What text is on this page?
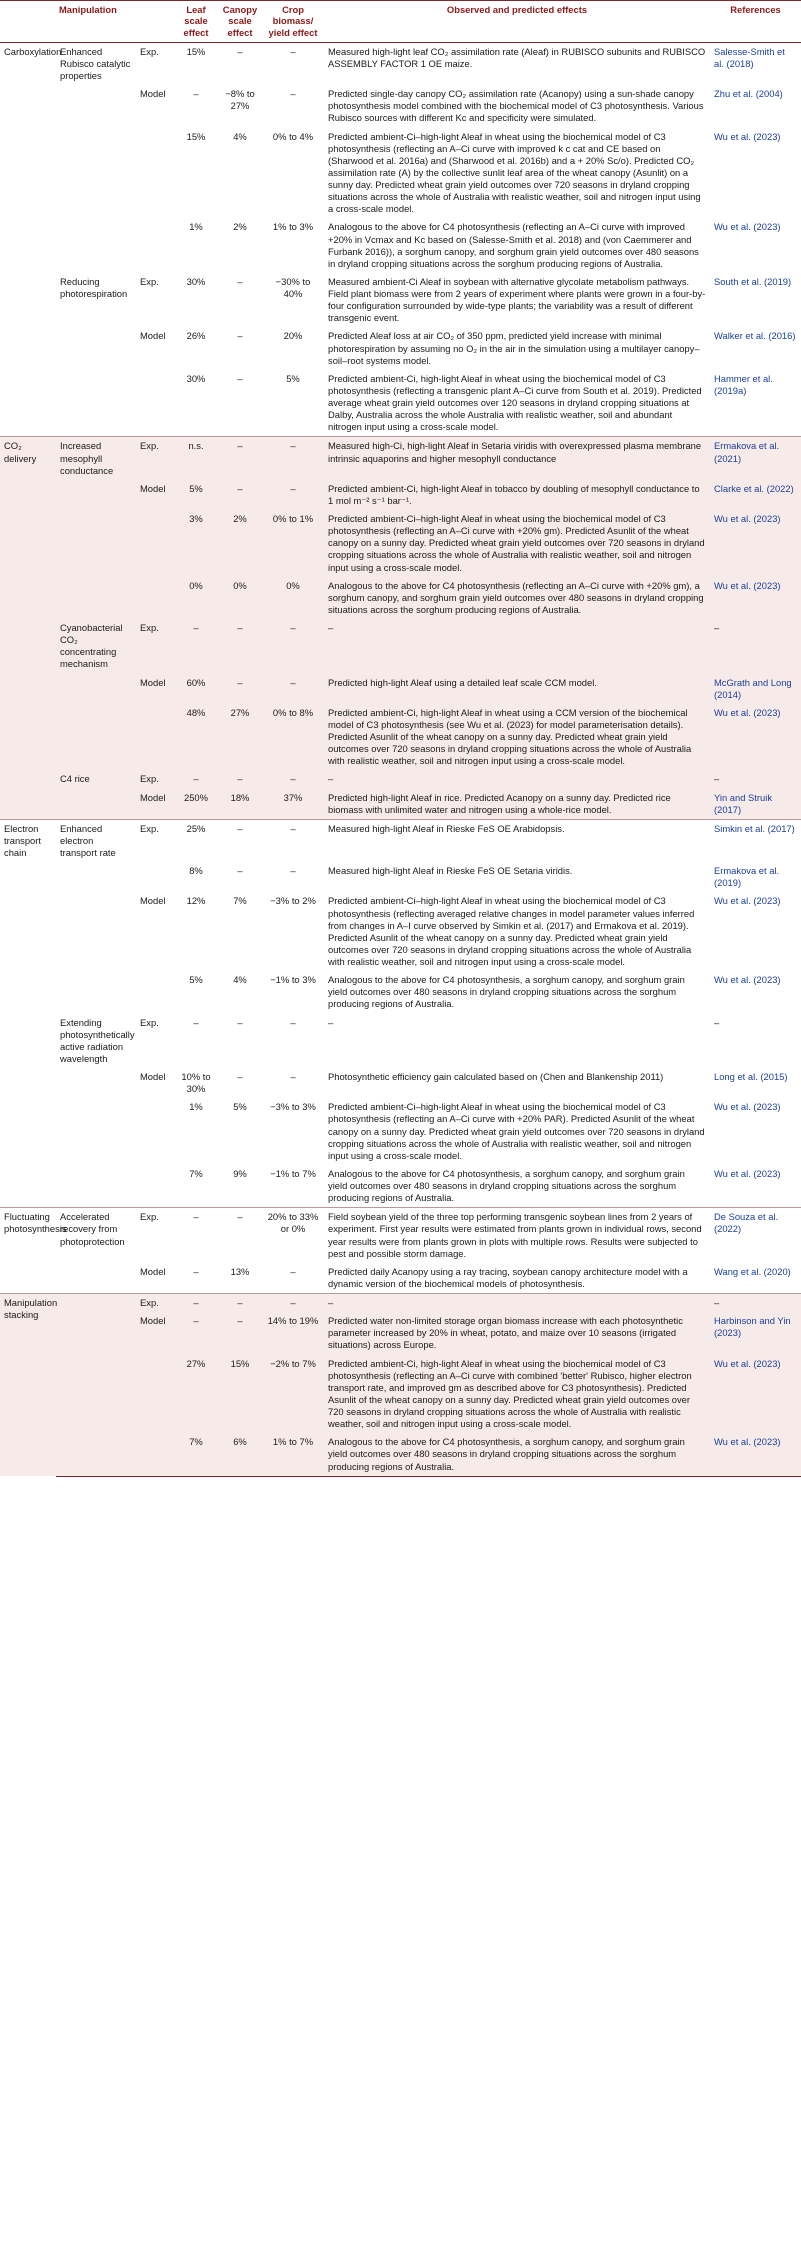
	Manipulation		Leaf scale effect	Canopy scale effect	Crop biomass/ yield effect	Observed and predicted effects	References
Carboxylation	Enhanced Rubisco catalytic properties	Exp.	15%	–	–	Measured high-light leaf CO₂ assimilation rate (Aleaf) in RUBISCO subunits and RUBISCO ASSEMBLY FACTOR 1 OE maize.	Salesse-Smith et al. (2018)
		Model	–	−8% to 27%	–	Predicted single-day canopy CO₂ assimilation rate (Acanopy) using a sun-shade canopy photosynthesis model combined with the biochemical model of C3 photosynthesis. Various Rubisco sources with different Kc and specificity were simulated.	Zhu et al. (2004)
			15%	4%	0% to 4%	Predicted ambient-Ci–high-light Aleaf in wheat using the biochemical model of C3 photosynthesis (reflecting an A–Ci curve with improved k c cat and CE based on (Sharwood et al. 2016a) and (Sharwood et al. 2016b) and a + 20% Sc/o). Predicted CO₂ assimilation rate (A) by the collective sunlit leaf area of the wheat canopy (Asunlit) on a sunny day. Predicted wheat grain yield outcomes over 720 seasons in dryland cropping situations across the whole of Australia with realistic weather, soil and nitrogen input using a cross-scale model.	Wu et al. (2023)
			1%	2%	1% to 3%	Analogous to the above for C4 photosynthesis (reflecting an A–Ci curve with improved +20% in Vcmax and Kc based on (Salesse-Smith et al. 2018) and (von Caemmerer and Furbank 2016)), a sorghum canopy, and sorghum grain yield outcomes over 480 seasons in dryland cropping situations across the sorghum producing regions of Australia.	Wu et al. (2023)
	Reducing photorespiration	Exp.	30%	–	−30% to 40%	Measured ambient-Ci Aleaf in soybean with alternative glycolate metabolism pathways. Field plant biomass were from 2 years of experiment where plants were grown in a four-by-four configuration surrounded by wide-type plants; the variability was a result of different transgenic event.	South et al. (2019)
		Model	26%	–	20%	Predicted Aleaf loss at air CO₂ of 350 ppm, predicted yield increase with minimal photorespiration by assuming no O₂ in the air in the simulation using a multilayer canopy–soil–root systems model.	Walker et al. (2016)
			30%	–	5%	Predicted ambient-Ci, high-light Aleaf in wheat using the biochemical model of C3 photosynthesis (reflecting a transgenic plant A–Ci curve from South et al. 2019). Predicted average wheat grain yield outcomes over 120 seasons in dryland cropping situations at Dalby, Australia across the whole Australia with realistic weather, soil and abundant nitrogen input using a cross-scale model.	Hammer et al. (2019a)
CO₂ delivery	Increased mesophyll conductance	Exp.	n.s.	–	–	Measured high-Ci, high-light Aleaf in Setaria viridis with overexpressed plasma membrane intrinsic aquaporins and higher mesophyll conductance	Ermakova et al. (2021)
		Model	5%	–	–	Predicted ambient-Ci, high-light Aleaf in tobacco by doubling of mesophyll conductance to 1 mol m⁻² s⁻¹ bar⁻¹.	Clarke et al. (2022)
			3%	2%	0% to 1%	Predicted ambient-Ci–high-light Aleaf in wheat using the biochemical model of C3 photosynthesis (reflecting an A–Ci curve with +20% gm). Predicted Asunlit of the wheat canopy on a sunny day. Predicted wheat grain yield outcomes over 720 seasons in dryland cropping situations across the whole of Australia with realistic weather, soil and nitrogen input using a cross-scale model.	Wu et al. (2023)
			0%	0%	0%	Analogous to the above for C4 photosynthesis (reflecting an A–Ci curve with +20% gm), a sorghum canopy, and sorghum grain yield outcomes over 480 seasons in dryland cropping situations across the sorghum producing regions of Australia.	Wu et al. (2023)
	Cyanobacterial CO₂ concentrating mechanism	Exp.	–	–	–	–	–
		Model	60%	–	–	Predicted high-light Aleaf using a detailed leaf scale CCM model.	McGrath and Long (2014)
			48%	27%	0% to 8%	Predicted ambient-Ci, high-light Aleaf in wheat using a CCM version of the biochemical model of C3 photosynthesis (see Wu et al. (2023) for model parameterisation details). Predicted Asunlit of the wheat canopy on a sunny day. Predicted wheat grain yield outcomes over 720 seasons in dryland cropping situations across the whole of Australia with realistic weather, soil and nitrogen input using a cross-scale model.	Wu et al. (2023)
	C4 rice	Exp.	–	–	–	–	–
		Model	250%	18%	37%	Predicted high-light Aleaf in rice. Predicted Acanopy on a sunny day. Predicted rice biomass with unlimited water and nitrogen using a whole-rice model.	Yin and Struik (2017)
Electron transport chain	Enhanced electron transport rate	Exp.	25%	–	–	Measured high-light Aleaf in Rieske FeS OE Arabidopsis.	Simkin et al. (2017)
			8%	–	–	Measured high-light Aleaf in Rieske FeS OE Setaria viridis.	Ermakova et al. (2019)
		Model	12%	7%	−3% to 2%	Predicted ambient-Ci–high-light Aleaf in wheat using the biochemical model of C3 photosynthesis (reflecting averaged relative changes in model parameter values inferred from changes in A–I curve observed by Simkin et al. (2017) and Ermakova et al. 2019). Predicted Asunlit of the wheat canopy on a sunny day. Predicted wheat grain yield outcomes over 720 seasons in dryland cropping situations across the whole of Australia with realistic weather, soil and nitrogen input using a cross-scale model.	Wu et al. (2023)
			5%	4%	−1% to 3%	Analogous to the above for C4 photosynthesis, a sorghum canopy, and sorghum grain yield outcomes over 480 seasons in dryland cropping situations across the sorghum producing regions of Australia.	Wu et al. (2023)
	Extending photosynthetically active radiation wavelength	Exp.	–	–	–	–	–
		Model	10% to 30%	–	–	Photosynthetic efficiency gain calculated based on (Chen and Blankenship 2011)	Long et al. (2015)
			1%	5%	−3% to 3%	Predicted ambient-Ci–high-light Aleaf in wheat using the biochemical model of C3 photosynthesis (reflecting an A–Ci curve with +20% PAR). Predicted Asunlit of the wheat canopy on a sunny day. Predicted wheat grain yield outcomes over 720 seasons in dryland cropping situations across the whole of Australia with realistic weather, soil and nitrogen input using a cross-scale model.	Wu et al. (2023)
			7%	9%	−1% to 7%	Analogous to the above for C4 photosynthesis, a sorghum canopy, and sorghum grain yield outcomes over 480 seasons in dryland cropping situations across the sorghum producing regions of Australia.	Wu et al. (2023)
Fluctuating photosynthesis	Accelerated recovery from photoprotection	Exp.	–	–	20% to 33% or 0%	Field soybean yield of the three top performing transgenic soybean lines from 2 years of experiment. First year results were estimated from plants grown in individual rows, second year results were from plants grown in plots with multiple rows. Results were subjected to pest and possible storm damage.	De Souza et al. (2022)
		Model	–	13%	–	Predicted daily Acanopy using a ray tracing, soybean canopy architecture model with a dynamic version of the biochemical models of photosynthesis.	Wang et al. (2020)
Manipulation stacking		Exp.	–	–	–	–	–
		Model	–	–	14% to 19%	Predicted water non-limited storage organ biomass increase with each photosynthetic parameter increased by 20% in wheat, potato, and maize over 10 seasons (irrigated situations) across Europe.	Harbinson and Yin (2023)
			27%	15%	−2% to 7%	Predicted ambient-Ci, high-light Aleaf in wheat using the biochemical model of C3 photosynthesis (reflecting an A–Ci curve with combined 'better' Rubisco, higher electron transport rate, and improved gm as described above for C3 photosynthesis). Predicted Asunlit of the wheat canopy on a sunny day. Predicted wheat grain yield outcomes over 720 seasons in dryland cropping situations across the whole of Australia with realistic weather, soil and nitrogen input using a cross-scale model.	Wu et al. (2023)
			7%	6%	1% to 7%	Analogous to the above for C4 photosynthesis, a sorghum canopy, and sorghum grain yield outcomes over 480 seasons in dryland cropping situations across the sorghum producing regions of Australia.	Wu et al. (2023)
